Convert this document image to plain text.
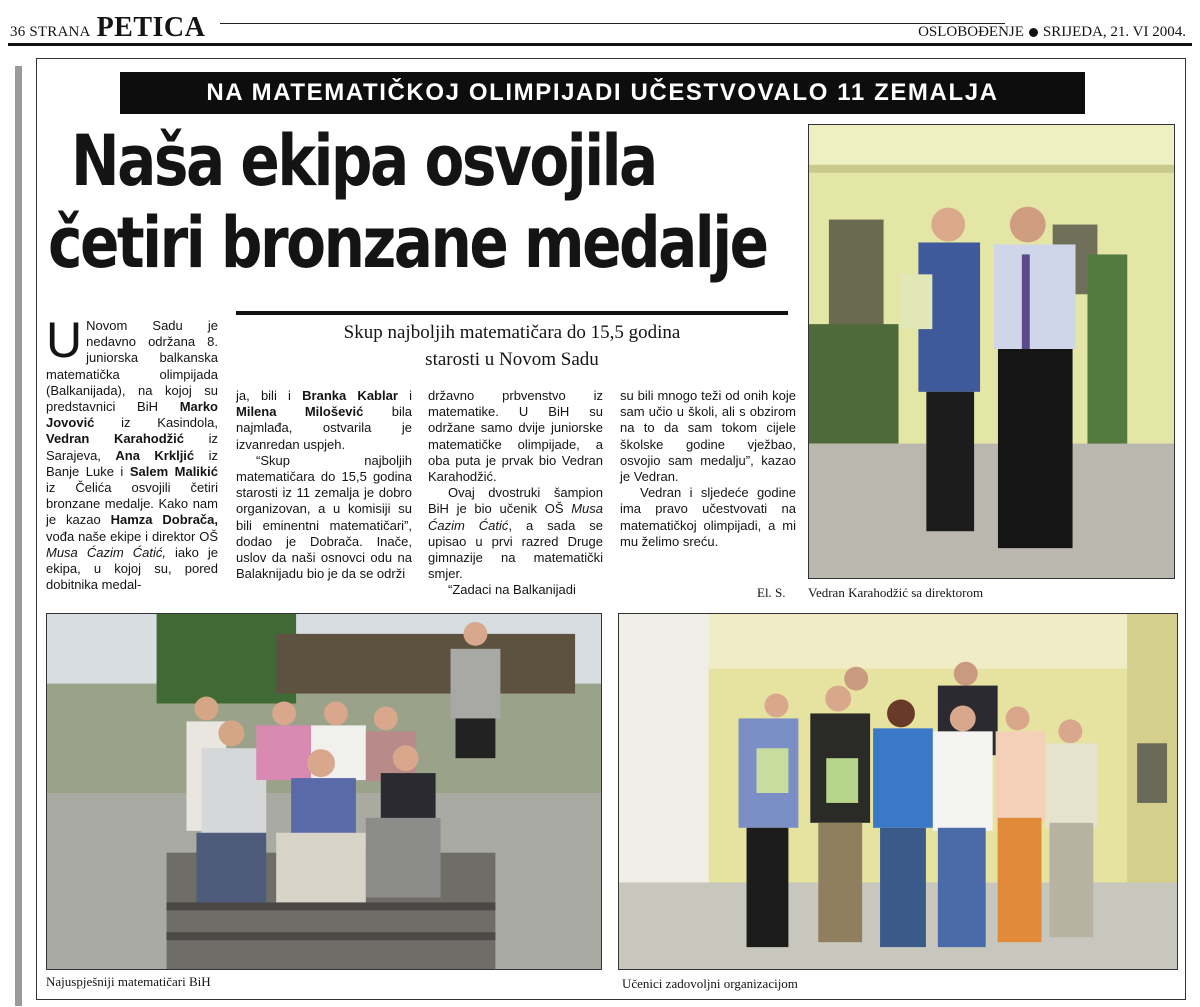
36 STRANA PETICA	OSLOBOĐENJE SRIJEDA, 21. VI 2004.
NA MATEMATIČKOJ OLIMPIJADI UČESTVOVALO 11 ZEMALJA
Naša ekipa osvojila
četiri bronzane medalje
Skup najboljih matematičara do 15,5 godina
starosti u Novom Sadu

U Novom Sadu je nedavno održana 8. juniorska balkanska matematička olimpijada (Balkanijada), na kojoj su predstavnici BiH Marko Jovović iz Kasindola, Vedran Karahodžić iz Sarajeva, Ana Krkljić iz Banje Luke i Salem Malikić iz Čelića osvojili četiri bronzane medalje. Kako nam je kazao Hamza Dobrača, vođa naše ekipe i direktor OŠ Musa Ćazim Ćatić, iako je ekipa, u kojoj su, pored dobitnika medal-

ja, bili i Branka Kablar i Milena Milošević bila najmlađa, ostvarila je izvanredan uspjeh.

“Skup najboljih matematičara do 15,5 godina starosti iz 11 zemalja je dobro organizovan, a u komisiji su bili eminentni matematičari”, dodao je Dobrača. Inače, uslov da naši osnovci odu na Balaknijadu bio je da se održi

državno prbvenstvo iz matematike. U BiH su održane samo dvije juniorske matematičke olimpijade, a oba puta je prvak bio Vedran Karahodžić.

Ovaj dvostruki šampion BiH je bio učenik OŠ Musa Ćazim Ćatić, a sada se upisao u prvi razred Druge gimnazije na matematički smjer.

“Zadaci na Balkanijadi

su bili mnogo teži od onih koje sam učio u školi, ali s obzirom na to da sam tokom cijele školske godine vježbao, osvojio sam medalju”, kazao je Vedran.

Vedran i sljedeće godine ima pravo učestvovati na matematičkoj olimpijadi, a mi mu želimo sreću.

El. S. Vedran Karahodžić sa direktorom
Najuspješniji matematičari BiH	Učenici zadovoljni organizacijom
